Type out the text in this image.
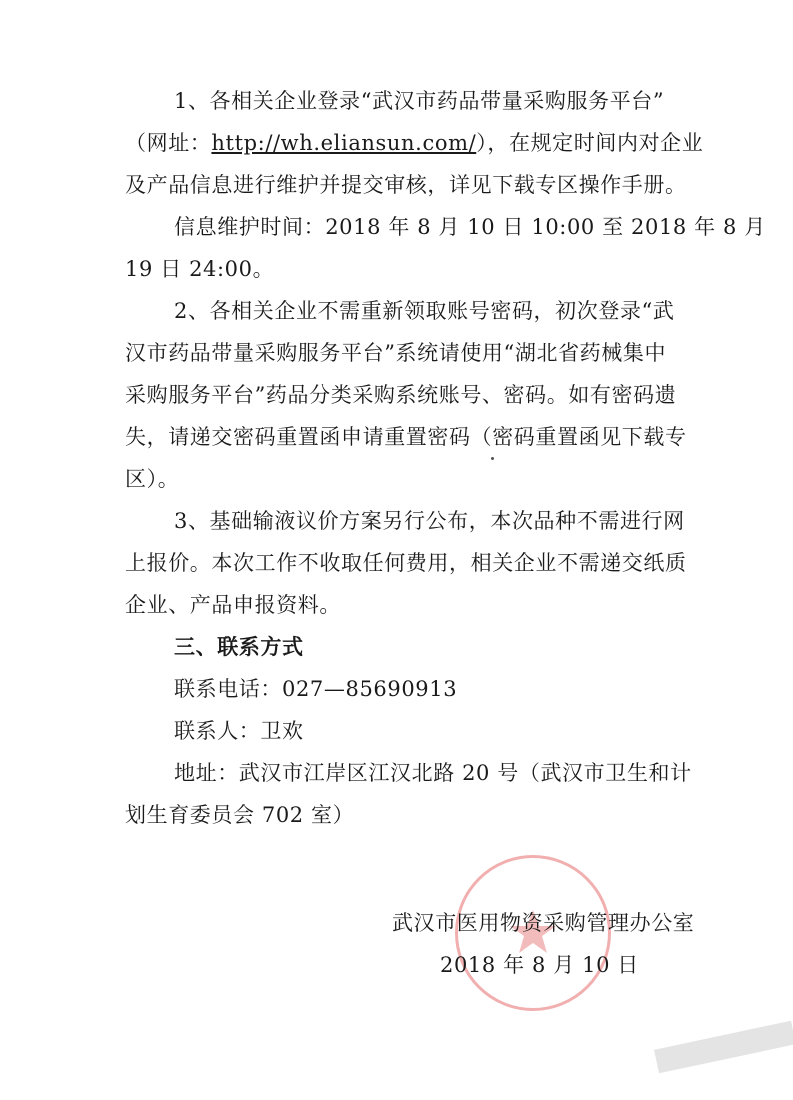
1、各相关企业登录“武汉市药品带量采购服务平台”
（网址：http://wh.eliansun.com/），在规定时间内对企业
及产品信息进行维护并提交审核，详见下载专区操作手册。
信息维护时间：2018 年 8 月 10 日 10:00 至 2018 年 8 月
19 日 24:00。
2、各相关企业不需重新领取账号密码，初次登录“武
汉市药品带量采购服务平台”系统请使用“湖北省药械集中
采购服务平台”药品分类采购系统账号、密码。如有密码遗
失，请递交密码重置函申请重置密码（密码重置函见下载专
区）。
3、基础输液议价方案另行公布，本次品种不需进行网
上报价。本次工作不收取任何费用，相关企业不需递交纸质
企业、产品申报资料。
三、联系方式
联系电话：027—85690913
联系人：卫欢
地址：武汉市江岸区江汉北路 20 号（武汉市卫生和计
划生育委员会 702 室）
武汉市医用物资采购管理办公室
2018 年 8 月 10 日
